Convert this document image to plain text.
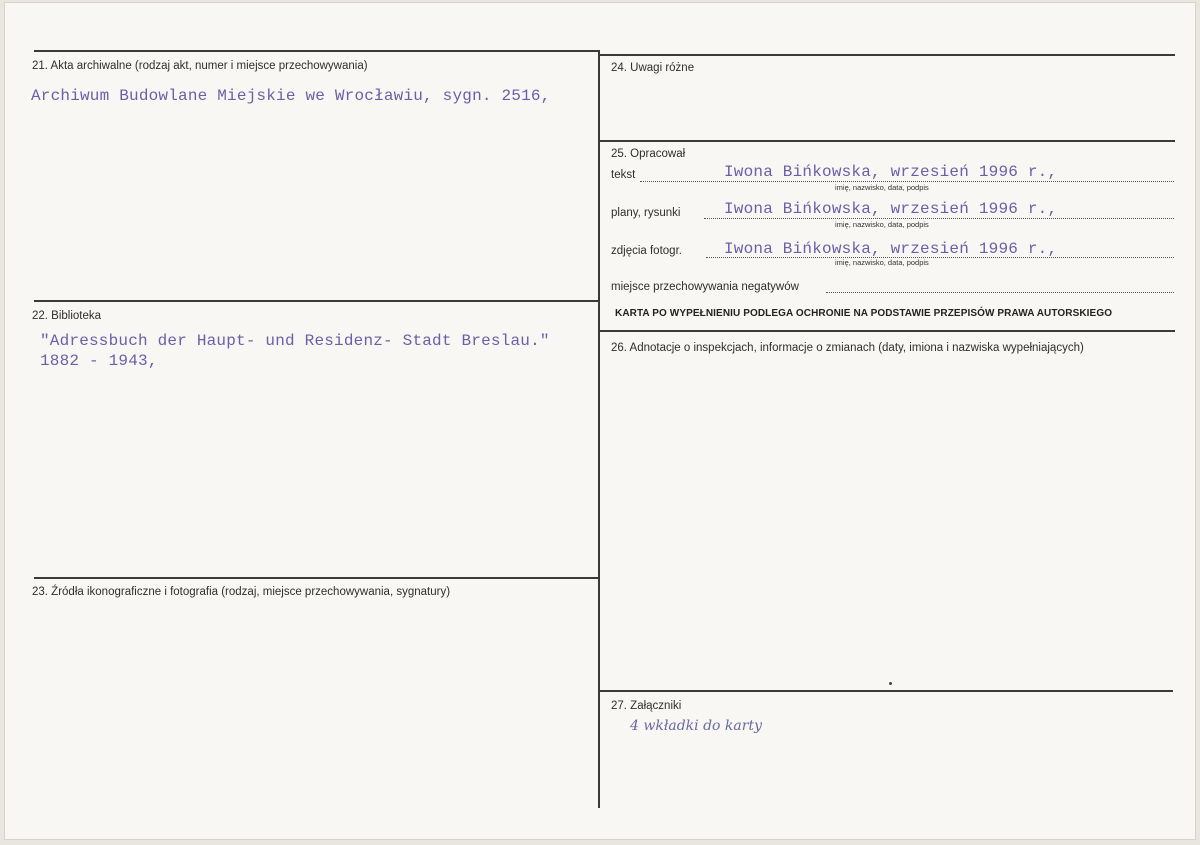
21. Akta archiwalne (rodzaj akt, numer i miejsce przechowywania)
Archiwum Budowlane Miejskie we Wrocławiu, sygn. 2516,
22. Biblioteka
"Adressbuch der Haupt- und Residenz- Stadt Breslau."
1882 - 1943,
23. Źródła ikonograficzne i fotografia (rodzaj, miejsce przechowywania, sygnatury)
24. Uwagi różne
25. Opracował
tekst	Iwona Bińkowska, wrzesień 1996 r.,
imię, nazwisko, data, podpis
plany, rysunki	Iwona Bińkowska, wrzesień 1996 r.,
imię, nazwisko, data, podpis
zdjęcia fotogr.	Iwona Bińkowska, wrzesień 1996 r.,
imię, nazwisko, data, podpis
miejsce przechowywania negatywów
KARTA PO WYPEŁNIENIU PODLEGA OCHRONIE NA PODSTAWIE PRZEPISÓW PRAWA AUTORSKIEGO
26. Adnotacje o inspekcjach, informacje o zmianach (daty, imiona i nazwiska wypełniających)
27. Załączniki
4 wkładki do karty
